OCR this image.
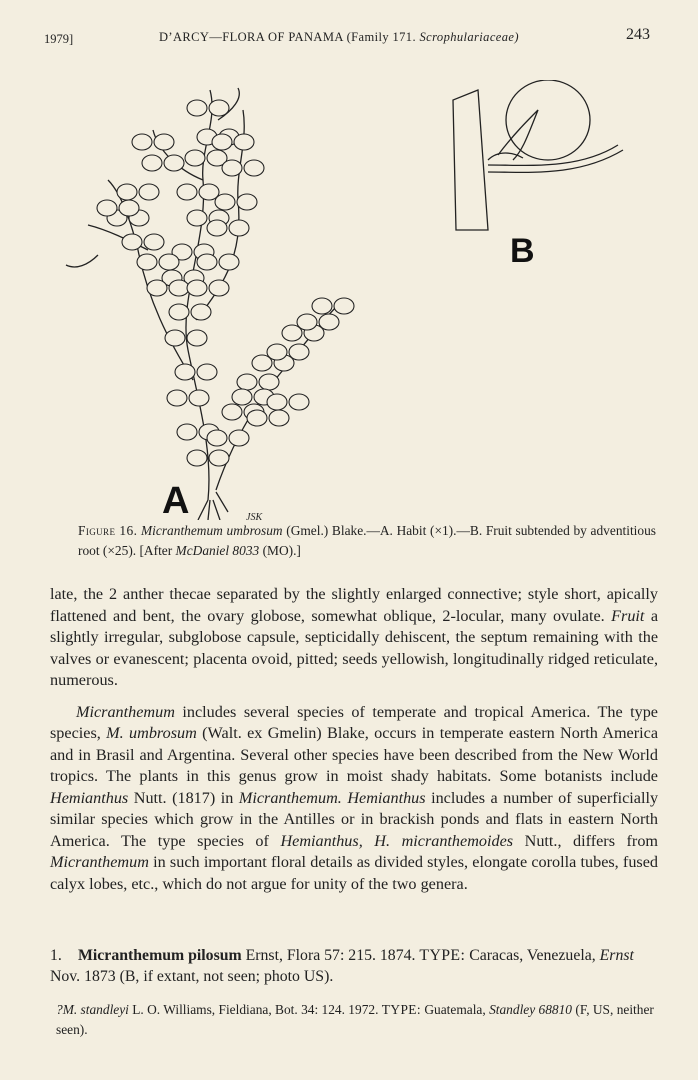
1979]	D’ARCY—FLORA OF PANAMA (Family 171. Scrophulariaceae)	243
A
B
JSK
Figure 16. Micranthemum umbrosum (Gmel.) Blake.—A. Habit (×1).—B. Fruit subtended by adventitious root (×25). [After McDaniel 8033 (MO).]

late, the 2 anther thecae separated by the slightly enlarged connective; style short, apically flattened and bent, the ovary globose, somewhat oblique, 2-locular, many ovulate. Fruit a slightly irregular, subglobose capsule, septicidally dehiscent, the septum remaining with the valves or evanescent; placenta ovoid, pitted; seeds yellowish, longitudinally ridged reticulate, numerous.

Micranthemum includes several species of temperate and tropical America. The type species, M. umbrosum (Walt. ex Gmelin) Blake, occurs in temperate eastern North America and in Brasil and Argentina. Several other species have been described from the New World tropics. The plants in this genus grow in moist shady habitats. Some botanists include Hemianthus Nutt. (1817) in Micranthemum. Hemianthus includes a number of superficially similar species which grow in the Antilles or in brackish ponds and flats in eastern North America. The type species of Hemianthus, H. micranthemoides Nutt., differs from Micranthemum in such important floral details as divided styles, elongate corolla tubes, fused calyx lobes, etc., which do not argue for unity of the two genera.

1. Micranthemum pilosum Ernst, Flora 57: 215. 1874. TYPE: Caracas, Venezuela, Ernst Nov. 1873 (B, if extant, not seen; photo US).
?M. standleyi L. O. Williams, Fieldiana, Bot. 34: 124. 1972. TYPE: Guatemala, Standley 68810 (F, US, neither seen).
